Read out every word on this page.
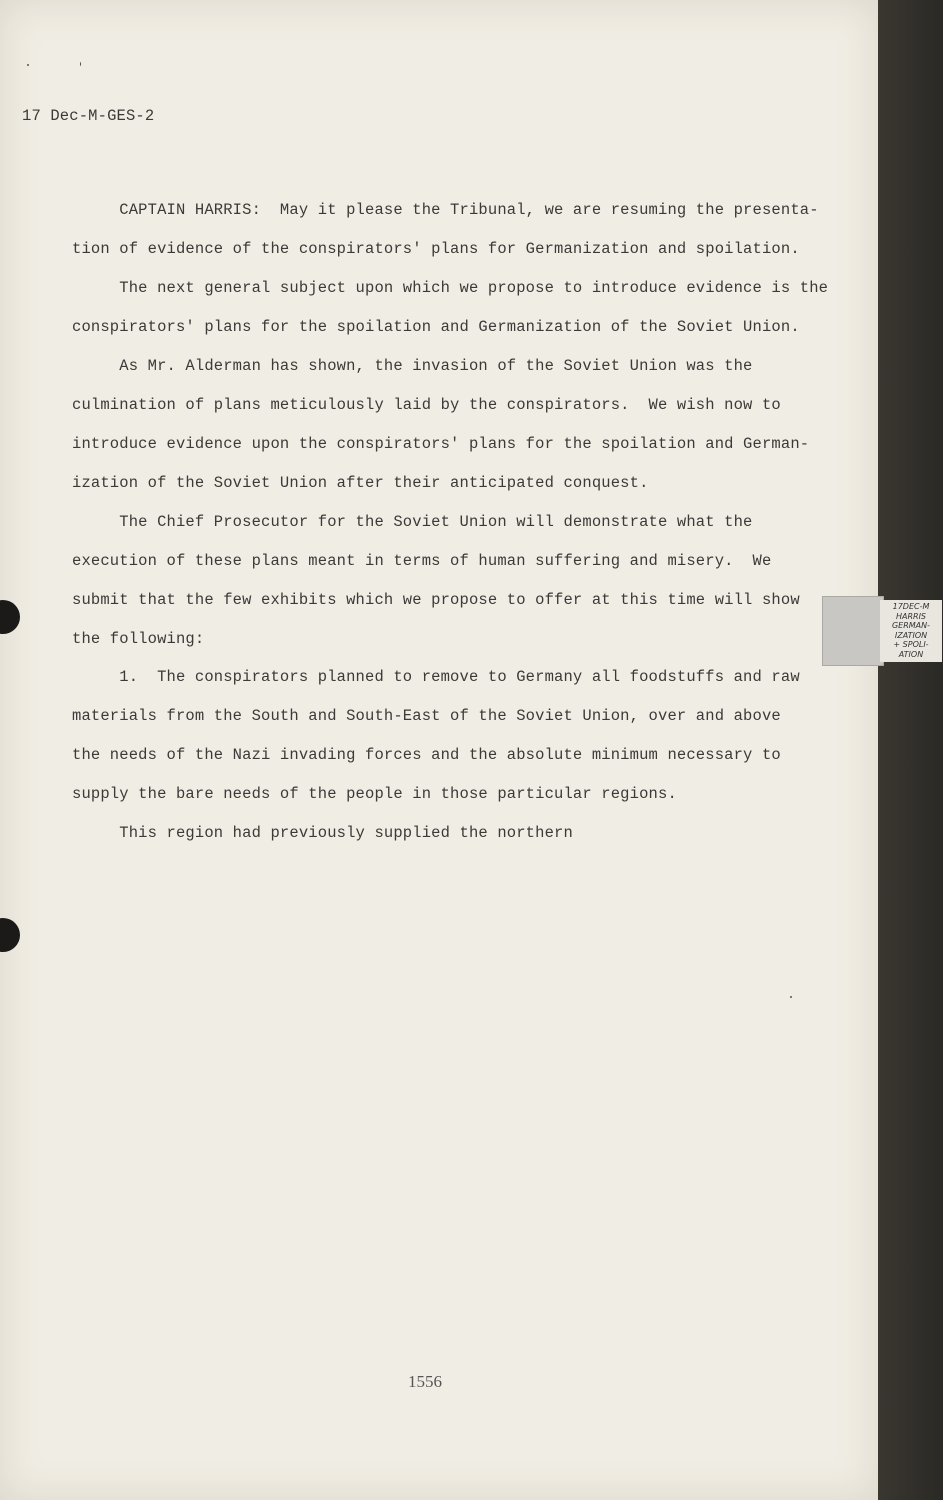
17 Dec-M-GES-2

CAPTAIN HARRIS:  May it please the Tribunal, we are resuming the presenta-

tion of evidence of the conspirators' plans for Germanization and spoilation.

The next general subject upon which we propose to introduce evidence is the

conspirators' plans for the spoilation and Germanization of the Soviet Union.

As Mr. Alderman has shown, the invasion of the Soviet Union was the

culmination of plans meticulously laid by the conspirators.  We wish now to

introduce evidence upon the conspirators' plans for the spoilation and German-

ization of the Soviet Union after their anticipated conquest.

The Chief Prosecutor for the Soviet Union will demonstrate what the

execution of these plans meant in terms of human suffering and misery.  We

submit that the few exhibits which we propose to offer at this time will show

the following:

1.  The conspirators planned to remove to Germany all foodstuffs and raw

materials from the South and South-East of the Soviet Union, over and above

the needs of the Nazi invading forces and the absolute minimum necessary to

supply the bare needs of the people in those particular regions.

This region had previously supplied the northern

1556
17DEC-M
HARRIS
GERMAN-
IZATION
+ SPOLI-
ATION
